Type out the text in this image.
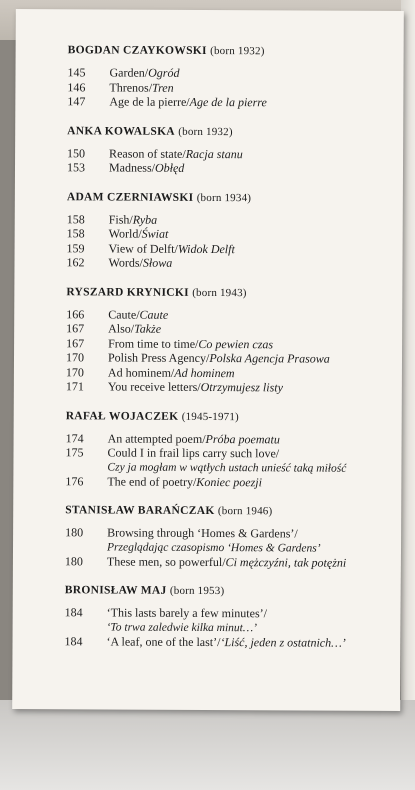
BOGDAN CZAYKOWSKI (born 1932)
145	Garden/ Ogród
146	Threnos/ Tren
147	Age de la pierre/ Age de la pierre
ANKA KOWALSKA (born 1932)
150	Reason of state/ Racja stanu
153	Madness/ Obłęd
ADAM CZERNIAWSKI (born 1934)
158	Fish/ Ryba
158	World/ Świat
159	View of Delft/ Widok Delft
162	Words/ Słowa
RYSZARD KRYNICKI (born 1943)
166	Caute/ Caute
167	Also/ Także
167	From time to time/ Co pewien czas
170	Polish Press Agency/ Polska Agencja Prasowa
170	Ad hominem/ Ad hominem
171	You receive letters/ Otrzymujesz listy
RAFAŁ WOJACZEK (1945-1971)
174	An attempted poem/ Próba poematu
175	Could I in frail lips carry such love/
Czy ja mogłam w wątłych ustach unieść taką miłość
176	The end of poetry/ Koniec poezji
STANISŁAW BARAŃCZAK (born 1946)
180	Browsing through ‘Homes & Gardens’/
Przeglądając czasopismo ‘Homes & Gardens’
180	These men, so powerful/ Ci mężczyźni, tak potężni
BRONISŁAW MAJ (born 1953)
184	‘This lasts barely a few minutes’/
‘To trwa zaledwie kilka minut…’
184	‘A leaf, one of the last’/ ‘Liść, jeden z ostatnich…’
